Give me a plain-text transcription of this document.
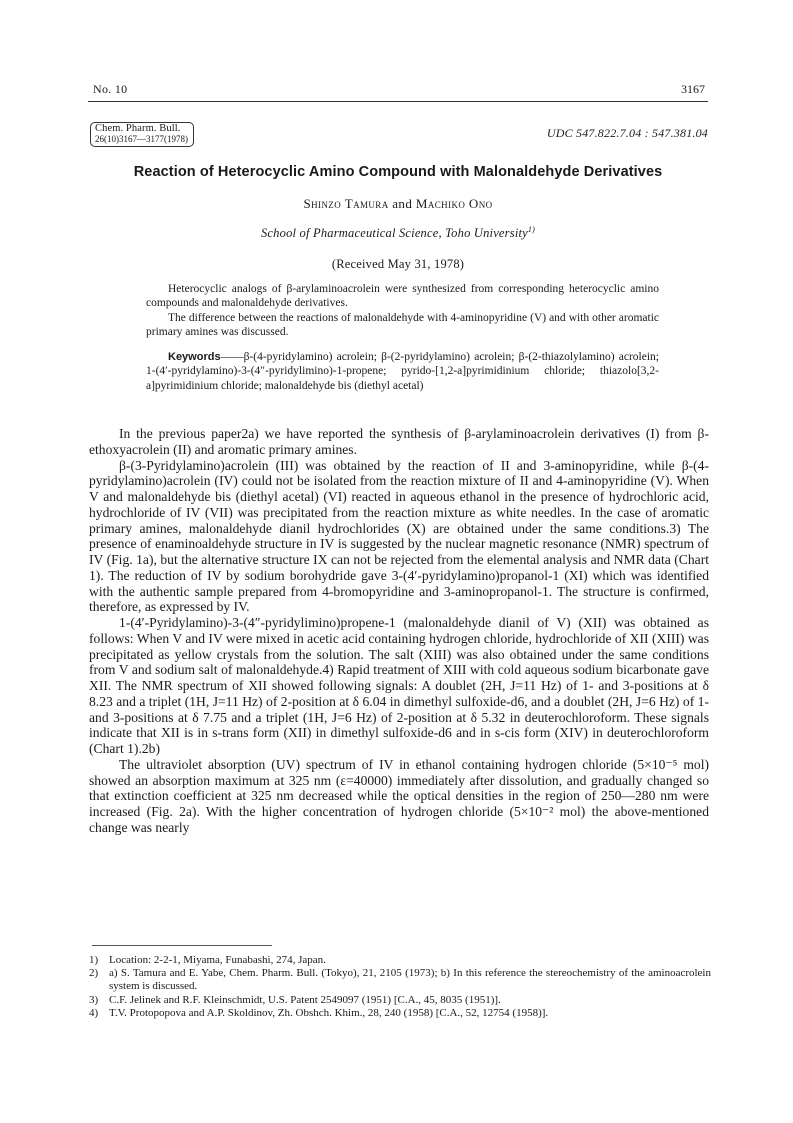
No. 10	3167
Chem. Pharm. Bull.
26(10)3167—3177(1978)	UDC 547.822.7.04 : 547.381.04
Reaction of Heterocyclic Amino Compound with Malonaldehyde Derivatives
Shinzo Tamura and Machiko Ono
School of Pharmaceutical Science, Toho University$^{1)}$
(Received May 31, 1978)

Heterocyclic analogs of β-arylaminoacrolein were synthesized from corresponding heterocyclic amino compounds and malonaldehyde derivatives.

The difference between the reactions of malonaldehyde with 4-aminopyridine (V) and with other aromatic primary amines was discussed.

Keywords——β-(4-pyridylamino) acrolein; β-(2-pyridylamino) acrolein; β-(2-thiazolylamino) acrolein; 1-(4′-pyridylamino)-3-(4″-pyridylimino)-1-propene; pyrido-[1,2-a]pyrimidinium chloride; thiazolo[3,2-a]pyrimidinium chloride; malonaldehyde bis (diethyl acetal)

In the previous paper2a) we have reported the synthesis of β-arylaminoacrolein derivatives (I) from β-ethoxyacrolein (II) and aromatic primary amines.

β-(3-Pyridylamino)acrolein (III) was obtained by the reaction of II and 3-aminopyridine, while β-(4-pyridylamino)acrolein (IV) could not be isolated from the reaction mixture of II and 4-aminopyridine (V). When V and malonaldehyde bis (diethyl acetal) (VI) reacted in aqueous ethanol in the presence of hydrochloric acid, hydrochloride of IV (VII) was precipitated from the reaction mixture as white needles. In the case of aromatic primary amines, malonaldehyde dianil hydrochlorides (X) are obtained under the same conditions.3) The presence of enaminoaldehyde structure in IV is suggested by the nuclear magnetic resonance (NMR) spectrum of IV (Fig. 1a), but the alternative structure IX can not be rejected from the elemental analysis and NMR data (Chart 1). The reduction of IV by sodium borohydride gave 3-(4′-pyridylamino)propanol-1 (XI) which was identified with the authentic sample prepared from 4-bromopyridine and 3-aminopropanol-1. The structure is confirmed, therefore, as expressed by IV.

1-(4′-Pyridylamino)-3-(4″-pyridylimino)propene-1 (malonaldehyde dianil of V) (XII) was obtained as follows: When V and IV were mixed in acetic acid containing hydrogen chloride, hydrochloride of XII (XIII) was precipitated as yellow crystals from the solution. The salt (XIII) was also obtained under the same conditions from V and sodium salt of malonaldehyde.4) Rapid treatment of XIII with cold aqueous sodium bicarbonate gave XII. The NMR spectrum of XII showed following signals: A doublet (2H, J=11 Hz) of 1- and 3-positions at δ 8.23 and a triplet (1H, J=11 Hz) of 2-position at δ 6.04 in dimethyl sulfoxide-d6, and a doublet (2H, J=6 Hz) of 1- and 3-positions at δ 7.75 and a triplet (1H, J=6 Hz) of 2-position at δ 5.32 in deuterochloroform. These signals indicate that XII is in s-trans form (XII) in dimethyl sulfoxide-d6 and in s-cis form (XIV) in deuterochloroform (Chart 1).2b)

The ultraviolet absorption (UV) spectrum of IV in ethanol containing hydrogen chloride (5×10⁻⁵ mol) showed an absorption maximum at 325 nm (ε=40000) immediately after dissolution, and gradually changed so that extinction coefficient at 325 nm decreased while the optical densities in the region of 250—280 nm were increased (Fig. 2a). With the higher concentration of hydrogen chloride (5×10⁻² mol) the above-mentioned change was nearly

1) Location: 2-2-1, Miyama, Funabashi, 274, Japan.
2) a) S. Tamura and E. Yabe, Chem. Pharm. Bull. (Tokyo), 21, 2105 (1973); b) In this reference the stereochemistry of the aminoacrolein system is discussed.
3) C.F. Jelinek and R.F. Kleinschmidt, U.S. Patent 2549097 (1951) [C.A., 45, 8035 (1951)].
4) T.V. Protopopova and A.P. Skoldinov, Zh. Obshch. Khim., 28, 240 (1958) [C.A., 52, 12754 (1958)].
